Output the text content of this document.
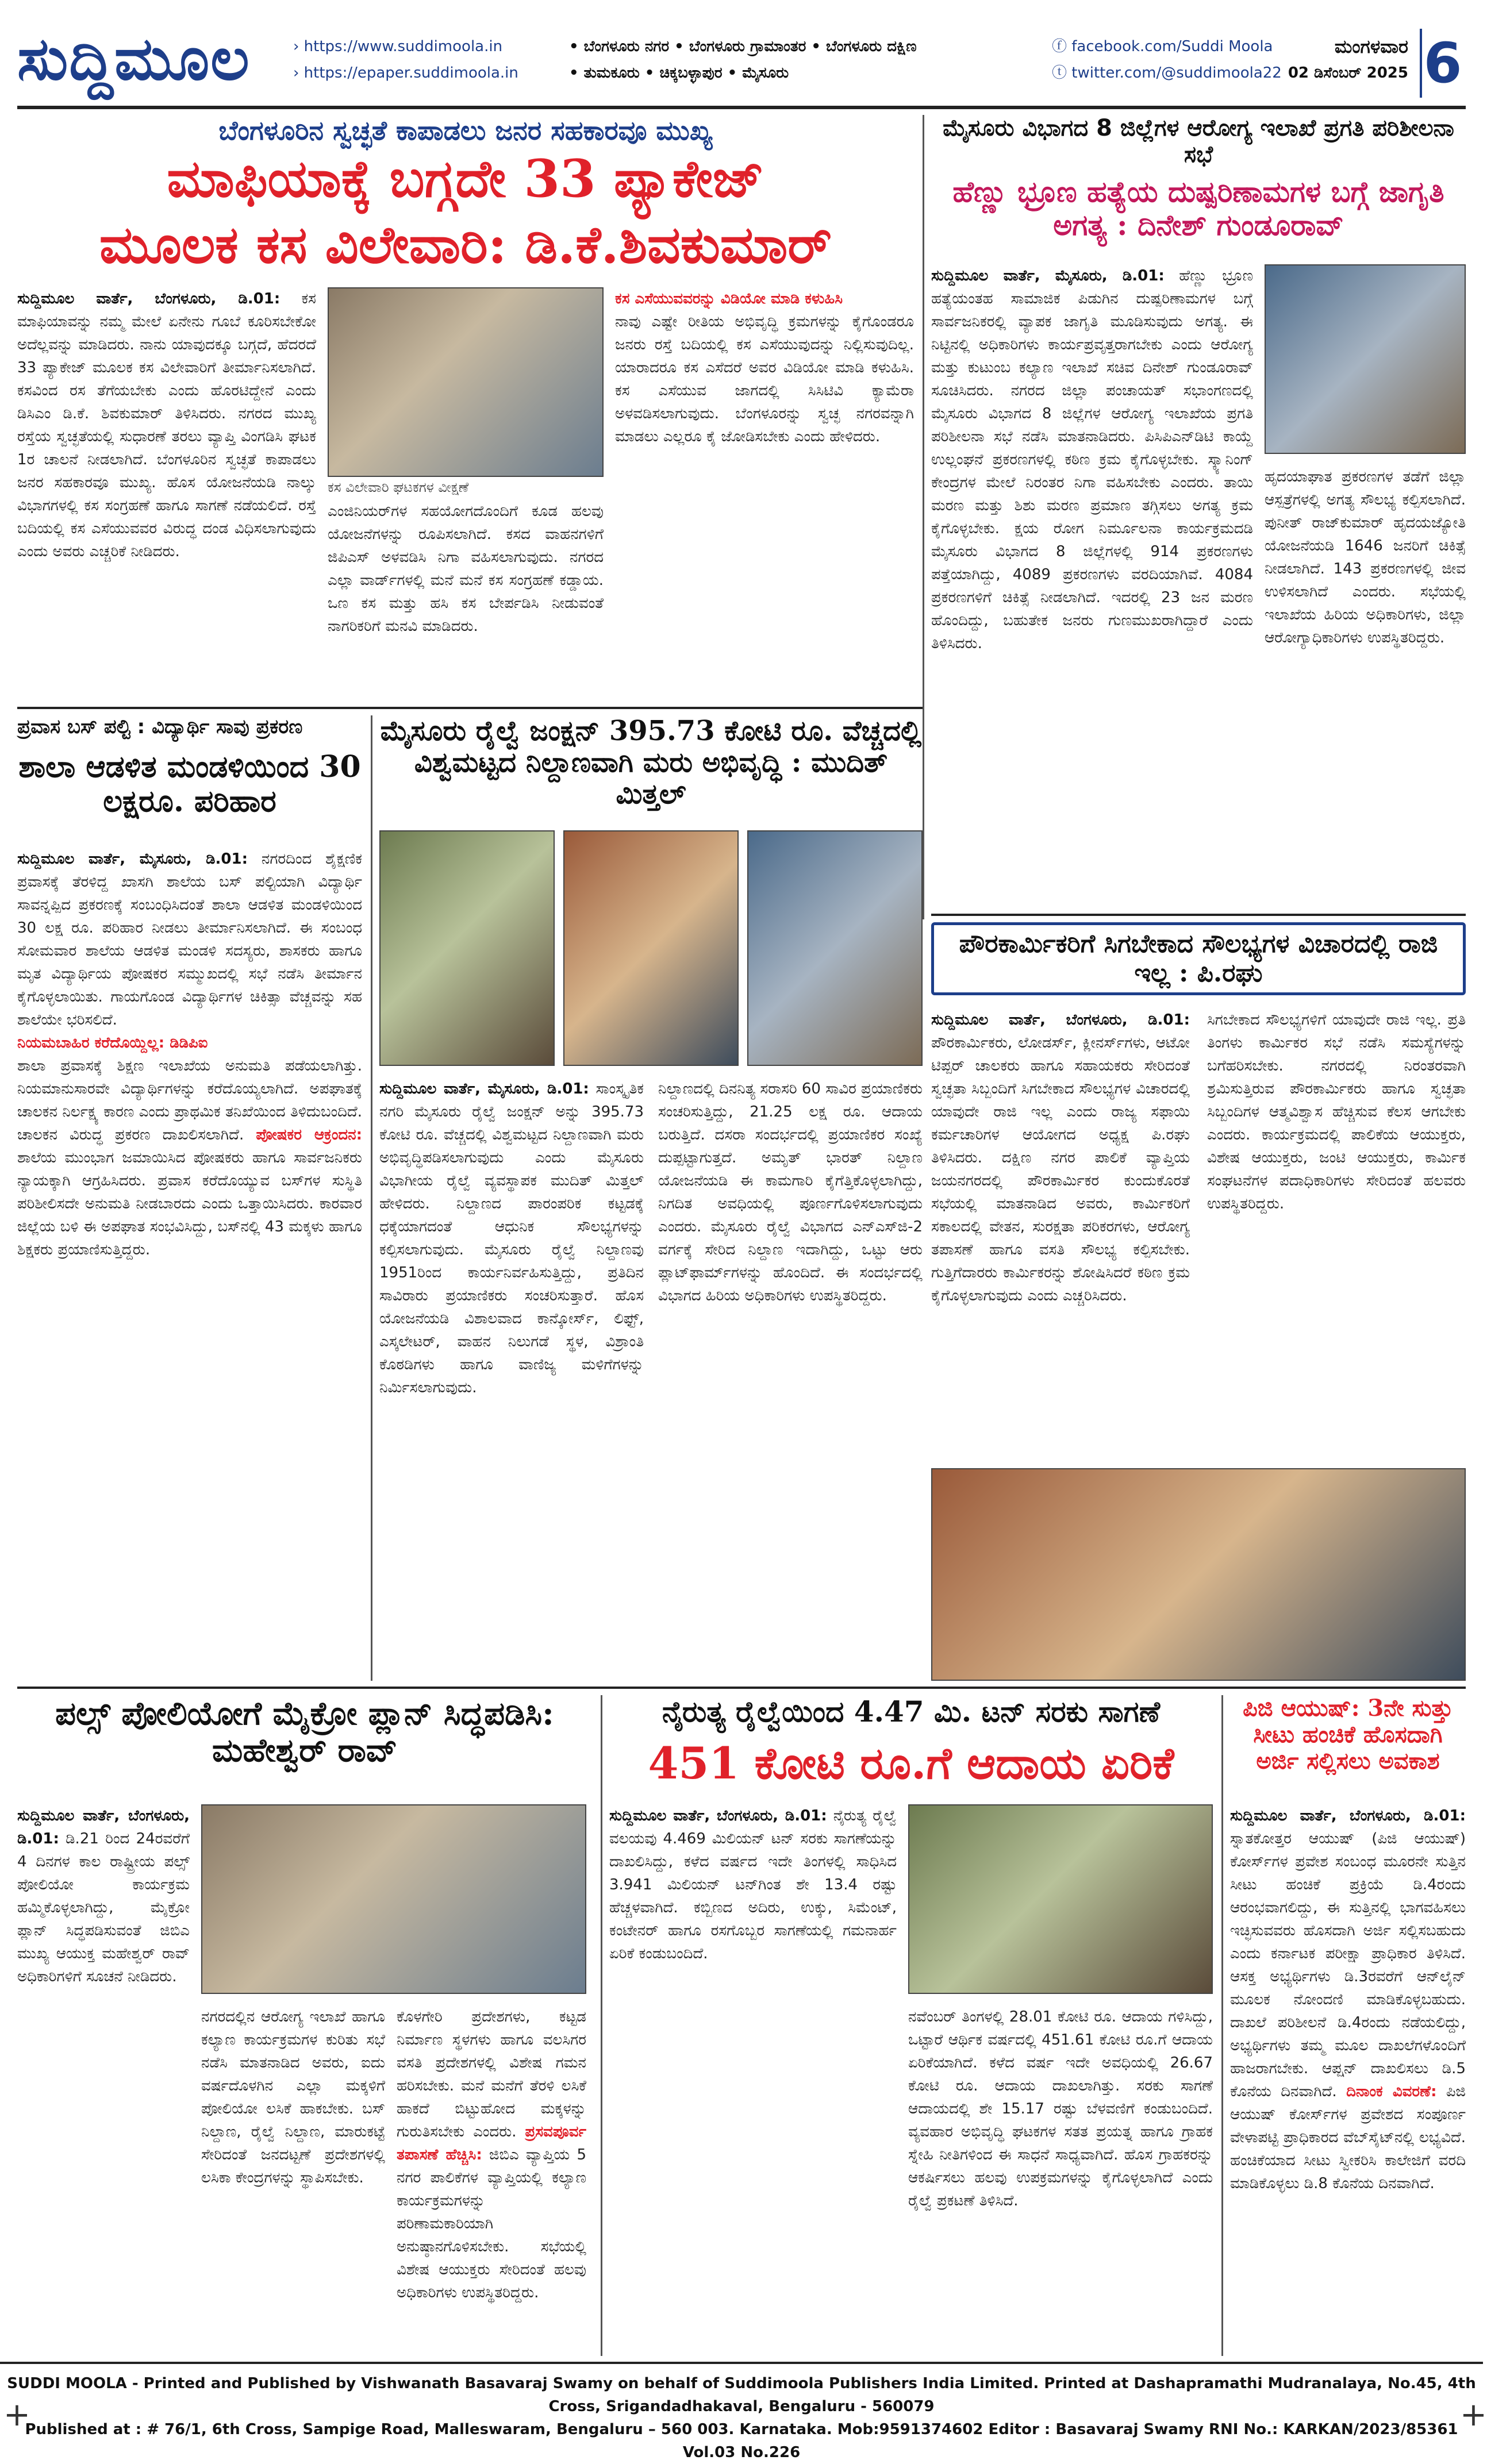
ಸುದ್ದಿಮೂಲ	› https://www.suddimoola.in
› https://epaper.suddimoola.in
• ಬೆಂಗಳೂರು ನಗರ • ಬೆಂಗಳೂರು ಗ್ರಾಮಾಂತರ • ಬೆಂಗಳೂರು ದಕ್ಷಿಣ
• ತುಮಕೂರು • ಚಿಕ್ಕಬಳ್ಳಾಪುರ • ಮೈಸೂರು
ⓕ facebook.com/Suddi Moola
ⓣ twitter.com/@suddimoola22
ಮಂಗಳವಾರ
02 ಡಿಸೆಂಬರ್ 2025 6
ಬೆಂಗಳೂರಿನ ಸ್ವಚ್ಛತೆ ಕಾಪಾಡಲು ಜನರ ಸಹಕಾರವೂ ಮುಖ್ಯ
ಮಾಫಿಯಾಕ್ಕೆ ಬಗ್ಗದೇ 33 ಪ್ಯಾಕೇಜ್
ಮೂಲಕ ಕಸ ವಿಲೇವಾರಿ: ಡಿ.ಕೆ.ಶಿವಕುಮಾರ್
ಸುದ್ದಿಮೂಲ ವಾರ್ತೆ, ಬೆಂಗಳೂರು, ಡಿ.01: ಕಸ ಮಾಫಿಯಾವನ್ನು ನಮ್ಮ ಮೇಲೆ ಏನೇನು ಗೂಬೆ ಕೂರಿಸಬೇಕೋ ಅದೆಲ್ಲವನ್ನು ಮಾಡಿದರು. ನಾನು ಯಾವುದಕ್ಕೂ ಬಗ್ಗದೆ, ಹೆದರದೆ 33 ಪ್ಯಾಕೇಜ್ ಮೂಲಕ ಕಸ ವಿಲೇವಾರಿಗೆ ತೀರ್ಮಾನಿಸಲಾಗಿದೆ. ಕಸವಿಂದ ರಸ ತೆಗೆಯಬೇಕು ಎಂದು ಹೊರಟಿದ್ದೇನೆ ಎಂದು ಡಿಸಿಎಂ ಡಿ.ಕೆ. ಶಿವಕುಮಾರ್ ತಿಳಿಸಿದರು. ನಗರದ ಮುಖ್ಯ ರಸ್ತೆಯ ಸ್ವಚ್ಛತೆಯಲ್ಲಿ ಸುಧಾರಣೆ ತರಲು ವ್ಯಾಪ್ತಿ ವಿಂಗಡಿಸಿ ಘಟಕ 1ರ ಚಾಲನೆ ನೀಡಲಾಗಿದೆ. ಬೆಂಗಳೂರಿನ ಸ್ವಚ್ಛತೆ ಕಾಪಾಡಲು ಜನರ ಸಹಕಾರವೂ ಮುಖ್ಯ. ಹೊಸ ಯೋಜನೆಯಡಿ ನಾಲ್ಕು ವಿಭಾಗಗಳಲ್ಲಿ ಕಸ ಸಂಗ್ರಹಣೆ ಹಾಗೂ ಸಾಗಣೆ ನಡೆಯಲಿದೆ. ರಸ್ತೆ ಬದಿಯಲ್ಲಿ ಕಸ ಎಸೆಯುವವರ ವಿರುದ್ಧ ದಂಡ ವಿಧಿಸಲಾಗುವುದು ಎಂದು ಅವರು ಎಚ್ಚರಿಕೆ ನೀಡಿದರು.
ಕಸ ವಿಲೇವಾರಿ ಘಟಕಗಳ ವೀಕ್ಷಣೆ
ಎಂಜಿನಿಯರ್‌ಗಳ ಸಹಯೋಗದೊಂದಿಗೆ ಕೂಡ ಹಲವು ಯೋಜನೆಗಳನ್ನು ರೂಪಿಸಲಾಗಿದೆ. ಕಸದ ವಾಹನಗಳಿಗೆ ಜಿಪಿಎಸ್ ಅಳವಡಿಸಿ ನಿಗಾ ವಹಿಸಲಾಗುವುದು. ನಗರದ ಎಲ್ಲಾ ವಾರ್ಡ್‌ಗಳಲ್ಲಿ ಮನೆ ಮನೆ ಕಸ ಸಂಗ್ರಹಣೆ ಕಡ್ಡಾಯ. ಒಣ ಕಸ ಮತ್ತು ಹಸಿ ಕಸ ಬೇರ್ಪಡಿಸಿ ನೀಡುವಂತೆ ನಾಗರಿಕರಿಗೆ ಮನವಿ ಮಾಡಿದರು.
ಕಸ ಎಸೆಯುವವರನ್ನು ವಿಡಿಯೋ ಮಾಡಿ ಕಳುಹಿಸಿ
ನಾವು ಎಷ್ಟೇ ರೀತಿಯ ಅಭಿವೃದ್ಧಿ ಕ್ರಮಗಳನ್ನು ಕೈಗೊಂಡರೂ ಜನರು ರಸ್ತೆ ಬದಿಯಲ್ಲಿ ಕಸ ಎಸೆಯುವುದನ್ನು ನಿಲ್ಲಿಸುವುದಿಲ್ಲ. ಯಾರಾದರೂ ಕಸ ಎಸೆದರೆ ಅವರ ವಿಡಿಯೋ ಮಾಡಿ ಕಳುಹಿಸಿ. ಕಸ ಎಸೆಯುವ ಜಾಗದಲ್ಲಿ ಸಿಸಿಟಿವಿ ಕ್ಯಾಮೆರಾ ಅಳವಡಿಸಲಾಗುವುದು. ಬೆಂಗಳೂರನ್ನು ಸ್ವಚ್ಛ ನಗರವನ್ನಾಗಿ ಮಾಡಲು ಎಲ್ಲರೂ ಕೈ ಜೋಡಿಸಬೇಕು ಎಂದು ಹೇಳಿದರು.
ಮೈಸೂರು ವಿಭಾಗದ 8 ಜಿಲ್ಲೆಗಳ ಆರೋಗ್ಯ ಇಲಾಖೆ ಪ್ರಗತಿ ಪರಿಶೀಲನಾ ಸಭೆ
ಹೆಣ್ಣು ಭ್ರೂಣ ಹತ್ಯೆಯ ದುಷ್ಪರಿಣಾಮಗಳ ಬಗ್ಗೆ ಜಾಗೃತಿ ಅಗತ್ಯ : ದಿನೇಶ್ ಗುಂಡೂರಾವ್
ಸುದ್ದಿಮೂಲ ವಾರ್ತೆ, ಮೈಸೂರು, ಡಿ.01: ಹೆಣ್ಣು ಭ್ರೂಣ ಹತ್ಯೆಯಂತಹ ಸಾಮಾಜಿಕ ಪಿಡುಗಿನ ದುಷ್ಪರಿಣಾಮಗಳ ಬಗ್ಗೆ ಸಾರ್ವಜನಿಕರಲ್ಲಿ ವ್ಯಾಪಕ ಜಾಗೃತಿ ಮೂಡಿಸುವುದು ಅಗತ್ಯ. ಈ ನಿಟ್ಟಿನಲ್ಲಿ ಅಧಿಕಾರಿಗಳು ಕಾರ್ಯಪ್ರವೃತ್ತರಾಗಬೇಕು ಎಂದು ಆರೋಗ್ಯ ಮತ್ತು ಕುಟುಂಬ ಕಲ್ಯಾಣ ಇಲಾಖೆ ಸಚಿವ ದಿನೇಶ್ ಗುಂಡೂರಾವ್ ಸೂಚಿಸಿದರು. ನಗರದ ಜಿಲ್ಲಾ ಪಂಚಾಯತ್ ಸಭಾಂಗಣದಲ್ಲಿ ಮೈಸೂರು ವಿಭಾಗದ 8 ಜಿಲ್ಲೆಗಳ ಆರೋಗ್ಯ ಇಲಾಖೆಯ ಪ್ರಗತಿ ಪರಿಶೀಲನಾ ಸಭೆ ನಡೆಸಿ ಮಾತನಾಡಿದರು. ಪಿಸಿಪಿಎನ್‌ಡಿಟಿ ಕಾಯ್ದೆ ಉಲ್ಲಂಘನೆ ಪ್ರಕರಣಗಳಲ್ಲಿ ಕಠಿಣ ಕ್ರಮ ಕೈಗೊಳ್ಳಬೇಕು. ಸ್ಕ್ಯಾನಿಂಗ್ ಕೇಂದ್ರಗಳ ಮೇಲೆ ನಿರಂತರ ನಿಗಾ ವಹಿಸಬೇಕು ಎಂದರು. ತಾಯಿ ಮರಣ ಮತ್ತು ಶಿಶು ಮರಣ ಪ್ರಮಾಣ ತಗ್ಗಿಸಲು ಅಗತ್ಯ ಕ್ರಮ ಕೈಗೊಳ್ಳಬೇಕು. ಕ್ಷಯ ರೋಗ ನಿರ್ಮೂಲನಾ ಕಾರ್ಯಕ್ರಮದಡಿ ಮೈಸೂರು ವಿಭಾಗದ 8 ಜಿಲ್ಲೆಗಳಲ್ಲಿ 914 ಪ್ರಕರಣಗಳು ಪತ್ತೆಯಾಗಿದ್ದು, 4089 ಪ್ರಕರಣಗಳು ವರದಿಯಾಗಿವೆ. 4084 ಪ್ರಕರಣಗಳಿಗೆ ಚಿಕಿತ್ಸೆ ನೀಡಲಾಗಿದೆ. ಇದರಲ್ಲಿ 23 ಜನ ಮರಣ ಹೊಂದಿದ್ದು, ಬಹುತೇಕ ಜನರು ಗುಣಮುಖರಾಗಿದ್ದಾರೆ ಎಂದು ತಿಳಿಸಿದರು.
ಹೃದಯಾಘಾತ ಪ್ರಕರಣಗಳ ತಡೆಗೆ ಜಿಲ್ಲಾ ಆಸ್ಪತ್ರೆಗಳಲ್ಲಿ ಅಗತ್ಯ ಸೌಲಭ್ಯ ಕಲ್ಪಿಸಲಾಗಿದೆ. ಪುನೀತ್ ರಾಜ್‌ಕುಮಾರ್ ಹೃದಯಜ್ಯೋತಿ ಯೋಜನೆಯಡಿ 1646 ಜನರಿಗೆ ಚಿಕಿತ್ಸೆ ನೀಡಲಾಗಿದೆ. 143 ಪ್ರಕರಣಗಳಲ್ಲಿ ಜೀವ ಉಳಿಸಲಾಗಿದೆ ಎಂದರು. ಸಭೆಯಲ್ಲಿ ಇಲಾಖೆಯ ಹಿರಿಯ ಅಧಿಕಾರಿಗಳು, ಜಿಲ್ಲಾ ಆರೋಗ್ಯಾಧಿಕಾರಿಗಳು ಉಪಸ್ಥಿತರಿದ್ದರು.
ಪ್ರವಾಸ ಬಸ್ ಪಲ್ಟಿ : ವಿದ್ಯಾರ್ಥಿ ಸಾವು ಪ್ರಕರಣ
ಶಾಲಾ ಆಡಳಿತ ಮಂಡಳಿಯಿಂದ 30 ಲಕ್ಷರೂ. ಪರಿಹಾರ
ಸುದ್ದಿಮೂಲ ವಾರ್ತೆ, ಮೈಸೂರು, ಡಿ.01: ನಗರದಿಂದ ಶೈಕ್ಷಣಿಕ ಪ್ರವಾಸಕ್ಕೆ ತೆರಳಿದ್ದ ಖಾಸಗಿ ಶಾಲೆಯ ಬಸ್ ಪಲ್ಟಿಯಾಗಿ ವಿದ್ಯಾರ್ಥಿ ಸಾವನ್ನಪ್ಪಿದ ಪ್ರಕರಣಕ್ಕೆ ಸಂಬಂಧಿಸಿದಂತೆ ಶಾಲಾ ಆಡಳಿತ ಮಂಡಳಿಯಿಂದ 30 ಲಕ್ಷ ರೂ. ಪರಿಹಾರ ನೀಡಲು ತೀರ್ಮಾನಿಸಲಾಗಿದೆ. ಈ ಸಂಬಂಧ ಸೋಮವಾರ ಶಾಲೆಯ ಆಡಳಿತ ಮಂಡಳಿ ಸದಸ್ಯರು, ಶಾಸಕರು ಹಾಗೂ ಮೃತ ವಿದ್ಯಾರ್ಥಿಯ ಪೋಷಕರ ಸಮ್ಮುಖದಲ್ಲಿ ಸಭೆ ನಡೆಸಿ ತೀರ್ಮಾನ ಕೈಗೊಳ್ಳಲಾಯಿತು. ಗಾಯಗೊಂಡ ವಿದ್ಯಾರ್ಥಿಗಳ ಚಿಕಿತ್ಸಾ ವೆಚ್ಚವನ್ನು ಸಹ ಶಾಲೆಯೇ ಭರಿಸಲಿದೆ.
ನಿಯಮಬಾಹಿರ ಕರೆದೊಯ್ದಿಲ್ಲ: ಡಿಡಿಪಿಐ
ಶಾಲಾ ಪ್ರವಾಸಕ್ಕೆ ಶಿಕ್ಷಣ ಇಲಾಖೆಯ ಅನುಮತಿ ಪಡೆಯಲಾಗಿತ್ತು. ನಿಯಮಾನುಸಾರವೇ ವಿದ್ಯಾರ್ಥಿಗಳನ್ನು ಕರೆದೊಯ್ಯಲಾಗಿದೆ. ಅಪಘಾತಕ್ಕೆ ಚಾಲಕನ ನಿರ್ಲಕ್ಷ್ಯ ಕಾರಣ ಎಂದು ಪ್ರಾಥಮಿಕ ತನಿಖೆಯಿಂದ ತಿಳಿದುಬಂದಿದೆ. ಚಾಲಕನ ವಿರುದ್ಧ ಪ್ರಕರಣ ದಾಖಲಿಸಲಾಗಿದೆ. ಪೋಷಕರ ಆಕ್ರಂದನ: ಶಾಲೆಯ ಮುಂಭಾಗ ಜಮಾಯಿಸಿದ ಪೋಷಕರು ಹಾಗೂ ಸಾರ್ವಜನಿಕರು ನ್ಯಾಯಕ್ಕಾಗಿ ಆಗ್ರಹಿಸಿದರು. ಪ್ರವಾಸ ಕರೆದೊಯ್ಯುವ ಬಸ್‌ಗಳ ಸುಸ್ಥಿತಿ ಪರಿಶೀಲಿಸದೇ ಅನುಮತಿ ನೀಡಬಾರದು ಎಂದು ಒತ್ತಾಯಿಸಿದರು. ಕಾರವಾರ ಜಿಲ್ಲೆಯ ಬಳಿ ಈ ಅಪಘಾತ ಸಂಭವಿಸಿದ್ದು, ಬಸ್‌ನಲ್ಲಿ 43 ಮಕ್ಕಳು ಹಾಗೂ ಶಿಕ್ಷಕರು ಪ್ರಯಾಣಿಸುತ್ತಿದ್ದರು.
ಮೈಸೂರು ರೈಲ್ವೆ ಜಂಕ್ಷನ್ 395.73 ಕೋಟಿ ರೂ. ವೆಚ್ಚದಲ್ಲಿ ವಿಶ್ವಮಟ್ಟದ ನಿಲ್ದಾಣವಾಗಿ ಮರು ಅಭಿವೃದ್ಧಿ : ಮುದಿತ್ ಮಿತ್ತಲ್
ಸುದ್ದಿಮೂಲ ವಾರ್ತೆ, ಮೈಸೂರು, ಡಿ.01: ಸಾಂಸ್ಕೃತಿಕ ನಗರಿ ಮೈಸೂರು ರೈಲ್ವೆ ಜಂಕ್ಷನ್ ಅನ್ನು 395.73 ಕೋಟಿ ರೂ. ವೆಚ್ಚದಲ್ಲಿ ವಿಶ್ವಮಟ್ಟದ ನಿಲ್ದಾಣವಾಗಿ ಮರು ಅಭಿವೃದ್ಧಿಪಡಿಸಲಾಗುವುದು ಎಂದು ಮೈಸೂರು ವಿಭಾಗೀಯ ರೈಲ್ವೆ ವ್ಯವಸ್ಥಾಪಕ ಮುದಿತ್ ಮಿತ್ತಲ್ ಹೇಳಿದರು. ನಿಲ್ದಾಣದ ಪಾರಂಪರಿಕ ಕಟ್ಟಡಕ್ಕೆ ಧಕ್ಕೆಯಾಗದಂತೆ ಆಧುನಿಕ ಸೌಲಭ್ಯಗಳನ್ನು ಕಲ್ಪಿಸಲಾಗುವುದು. ಮೈಸೂರು ರೈಲ್ವೆ ನಿಲ್ದಾಣವು 1951ರಿಂದ ಕಾರ್ಯನಿರ್ವಹಿಸುತ್ತಿದ್ದು, ಪ್ರತಿದಿನ ಸಾವಿರಾರು ಪ್ರಯಾಣಿಕರು ಸಂಚರಿಸುತ್ತಾರೆ. ಹೊಸ ಯೋಜನೆಯಡಿ ವಿಶಾಲವಾದ ಕಾನ್ಕೋರ್ಸ್, ಲಿಫ್ಟ್, ಎಸ್ಕಲೇಟರ್, ವಾಹನ ನಿಲುಗಡೆ ಸ್ಥಳ, ವಿಶ್ರಾಂತಿ ಕೊಠಡಿಗಳು ಹಾಗೂ ವಾಣಿಜ್ಯ ಮಳಿಗೆಗಳನ್ನು ನಿರ್ಮಿಸಲಾಗುವುದು.
ನಿಲ್ದಾಣದಲ್ಲಿ ದಿನನಿತ್ಯ ಸರಾಸರಿ 60 ಸಾವಿರ ಪ್ರಯಾಣಿಕರು ಸಂಚರಿಸುತ್ತಿದ್ದು, 21.25 ಲಕ್ಷ ರೂ. ಆದಾಯ ಬರುತ್ತಿದೆ. ದಸರಾ ಸಂದರ್ಭದಲ್ಲಿ ಪ್ರಯಾಣಿಕರ ಸಂಖ್ಯೆ ದುಪ್ಪಟ್ಟಾಗುತ್ತದೆ. ಅಮೃತ್ ಭಾರತ್ ನಿಲ್ದಾಣ ಯೋಜನೆಯಡಿ ಈ ಕಾಮಗಾರಿ ಕೈಗೆತ್ತಿಕೊಳ್ಳಲಾಗಿದ್ದು, ನಿಗದಿತ ಅವಧಿಯಲ್ಲಿ ಪೂರ್ಣಗೊಳಿಸಲಾಗುವುದು ಎಂದರು. ಮೈಸೂರು ರೈಲ್ವೆ ವಿಭಾಗದ ಎನ್‌ಎಸ್‌ಜಿ-2 ವರ್ಗಕ್ಕೆ ಸೇರಿದ ನಿಲ್ದಾಣ ಇದಾಗಿದ್ದು, ಒಟ್ಟು ಆರು ಪ್ಲಾಟ್‌ಫಾರ್ಮ್‌ಗಳನ್ನು ಹೊಂದಿದೆ. ಈ ಸಂದರ್ಭದಲ್ಲಿ ವಿಭಾಗದ ಹಿರಿಯ ಅಧಿಕಾರಿಗಳು ಉಪಸ್ಥಿತರಿದ್ದರು.
ಪೌರಕಾರ್ಮಿಕರಿಗೆ ಸಿಗಬೇಕಾದ ಸೌಲಭ್ಯಗಳ ವಿಚಾರದಲ್ಲಿ ರಾಜಿ ಇಲ್ಲ : ಪಿ.ರಘು
ಸುದ್ದಿಮೂಲ ವಾರ್ತೆ, ಬೆಂಗಳೂರು, ಡಿ.01: ಪೌರಕಾರ್ಮಿಕರು, ಲೋಡರ್ಸ್, ಕ್ಲೀನರ್ಸ್‌ಗಳು, ಆಟೋ ಟಿಪ್ಪರ್ ಚಾಲಕರು ಹಾಗೂ ಸಹಾಯಕರು ಸೇರಿದಂತೆ ಸ್ವಚ್ಛತಾ ಸಿಬ್ಬಂದಿಗೆ ಸಿಗಬೇಕಾದ ಸೌಲಭ್ಯಗಳ ವಿಚಾರದಲ್ಲಿ ಯಾವುದೇ ರಾಜಿ ಇಲ್ಲ ಎಂದು ರಾಜ್ಯ ಸಫಾಯಿ ಕರ್ಮಚಾರಿಗಳ ಆಯೋಗದ ಅಧ್ಯಕ್ಷ ಪಿ.ರಘು ತಿಳಿಸಿದರು. ದಕ್ಷಿಣ ನಗರ ಪಾಲಿಕೆ ವ್ಯಾಪ್ತಿಯ ಜಯನಗರದಲ್ಲಿ ಪೌರಕಾರ್ಮಿಕರ ಕುಂದುಕೊರತೆ ಸಭೆಯಲ್ಲಿ ಮಾತನಾಡಿದ ಅವರು, ಕಾರ್ಮಿಕರಿಗೆ ಸಕಾಲದಲ್ಲಿ ವೇತನ, ಸುರಕ್ಷತಾ ಪರಿಕರಗಳು, ಆರೋಗ್ಯ ತಪಾಸಣೆ ಹಾಗೂ ವಸತಿ ಸೌಲಭ್ಯ ಕಲ್ಪಿಸಬೇಕು. ಗುತ್ತಿಗೆದಾರರು ಕಾರ್ಮಿಕರನ್ನು ಶೋಷಿಸಿದರೆ ಕಠಿಣ ಕ್ರಮ ಕೈಗೊಳ್ಳಲಾಗುವುದು ಎಂದು ಎಚ್ಚರಿಸಿದರು.
ಸಿಗಬೇಕಾದ ಸೌಲಭ್ಯಗಳಿಗೆ ಯಾವುದೇ ರಾಜಿ ಇಲ್ಲ. ಪ್ರತಿ ತಿಂಗಳು ಕಾರ್ಮಿಕರ ಸಭೆ ನಡೆಸಿ ಸಮಸ್ಯೆಗಳನ್ನು ಬಗೆಹರಿಸಬೇಕು. ನಗರದಲ್ಲಿ ನಿರಂತರವಾಗಿ ಶ್ರಮಿಸುತ್ತಿರುವ ಪೌರಕಾರ್ಮಿಕರು ಹಾಗೂ ಸ್ವಚ್ಛತಾ ಸಿಬ್ಬಂದಿಗಳ ಆತ್ಮವಿಶ್ವಾಸ ಹೆಚ್ಚಿಸುವ ಕೆಲಸ ಆಗಬೇಕು ಎಂದರು. ಕಾರ್ಯಕ್ರಮದಲ್ಲಿ ಪಾಲಿಕೆಯ ಆಯುಕ್ತರು, ವಿಶೇಷ ಆಯುಕ್ತರು, ಜಂಟಿ ಆಯುಕ್ತರು, ಕಾರ್ಮಿಕ ಸಂಘಟನೆಗಳ ಪದಾಧಿಕಾರಿಗಳು ಸೇರಿದಂತೆ ಹಲವರು ಉಪಸ್ಥಿತರಿದ್ದರು.
ಪಲ್ಸ್ ಪೋಲಿಯೋಗೆ ಮೈಕ್ರೋ ಪ್ಲಾನ್ ಸಿದ್ಧಪಡಿಸಿ: ಮಹೇಶ್ವರ್ ರಾವ್
ಸುದ್ದಿಮೂಲ ವಾರ್ತೆ, ಬೆಂಗಳೂರು, ಡಿ.01: ಡಿ.21 ರಿಂದ 24ರವರೆಗೆ 4 ದಿನಗಳ ಕಾಲ ರಾಷ್ಟ್ರೀಯ ಪಲ್ಸ್ ಪೋಲಿಯೋ ಕಾರ್ಯಕ್ರಮ ಹಮ್ಮಿಕೊಳ್ಳಲಾಗಿದ್ದು, ಮೈಕ್ರೋ ಪ್ಲಾನ್ ಸಿದ್ಧಪಡಿಸುವಂತೆ ಜಿಬಿಎ ಮುಖ್ಯ ಆಯುಕ್ತ ಮಹೇಶ್ವರ್ ರಾವ್ ಅಧಿಕಾರಿಗಳಿಗೆ ಸೂಚನೆ ನೀಡಿದರು.
ನಗರದಲ್ಲಿನ ಆರೋಗ್ಯ ಇಲಾಖೆ ಹಾಗೂ ಕಲ್ಯಾಣ ಕಾರ್ಯಕ್ರಮಗಳ ಕುರಿತು ಸಭೆ ನಡೆಸಿ ಮಾತನಾಡಿದ ಅವರು, ಐದು ವರ್ಷದೊಳಗಿನ ಎಲ್ಲಾ ಮಕ್ಕಳಿಗೆ ಪೋಲಿಯೋ ಲಸಿಕೆ ಹಾಕಬೇಕು. ಬಸ್ ನಿಲ್ದಾಣ, ರೈಲ್ವೆ ನಿಲ್ದಾಣ, ಮಾರುಕಟ್ಟೆ ಸೇರಿದಂತೆ ಜನದಟ್ಟಣೆ ಪ್ರದೇಶಗಳಲ್ಲಿ ಲಸಿಕಾ ಕೇಂದ್ರಗಳನ್ನು ಸ್ಥಾಪಿಸಬೇಕು.
ಕೊಳಗೇರಿ ಪ್ರದೇಶಗಳು, ಕಟ್ಟಡ ನಿರ್ಮಾಣ ಸ್ಥಳಗಳು ಹಾಗೂ ವಲಸಿಗರ ವಸತಿ ಪ್ರದೇಶಗಳಲ್ಲಿ ವಿಶೇಷ ಗಮನ ಹರಿಸಬೇಕು. ಮನೆ ಮನೆಗೆ ತೆರಳಿ ಲಸಿಕೆ ಹಾಕದೆ ಬಿಟ್ಟುಹೋದ ಮಕ್ಕಳನ್ನು ಗುರುತಿಸಬೇಕು ಎಂದರು. ಪ್ರಸವಪೂರ್ವ ತಪಾಸಣೆ ಹೆಚ್ಚಿಸಿ: ಜಿಬಿಎ ವ್ಯಾಪ್ತಿಯ 5 ನಗರ ಪಾಲಿಕೆಗಳ ವ್ಯಾಪ್ತಿಯಲ್ಲಿ ಕಲ್ಯಾಣ ಕಾರ್ಯಕ್ರಮಗಳನ್ನು ಪರಿಣಾಮಕಾರಿಯಾಗಿ ಅನುಷ್ಠಾನಗೊಳಿಸಬೇಕು. ಸಭೆಯಲ್ಲಿ ವಿಶೇಷ ಆಯುಕ್ತರು ಸೇರಿದಂತೆ ಹಲವು ಅಧಿಕಾರಿಗಳು ಉಪಸ್ಥಿತರಿದ್ದರು.
ನೈರುತ್ಯ ರೈಲ್ವೆಯಿಂದ 4.47 ಮಿ. ಟನ್ ಸರಕು ಸಾಗಣೆ
451 ಕೋಟಿ ರೂ.ಗೆ ಆದಾಯ ಏರಿಕೆ
ಸುದ್ದಿಮೂಲ ವಾರ್ತೆ, ಬೆಂಗಳೂರು, ಡಿ.01: ನೈರುತ್ಯ ರೈಲ್ವೆ ವಲಯವು 4.469 ಮಿಲಿಯನ್ ಟನ್ ಸರಕು ಸಾಗಣೆಯನ್ನು ದಾಖಲಿಸಿದ್ದು, ಕಳೆದ ವರ್ಷದ ಇದೇ ತಿಂಗಳಲ್ಲಿ ಸಾಧಿಸಿದ 3.941 ಮಿಲಿಯನ್ ಟನ್‌ಗಿಂತ ಶೇ 13.4 ರಷ್ಟು ಹೆಚ್ಚಳವಾಗಿದೆ. ಕಬ್ಬಿಣದ ಅದಿರು, ಉಕ್ಕು, ಸಿಮೆಂಟ್, ಕಂಟೇನರ್ ಹಾಗೂ ರಸಗೊಬ್ಬರ ಸಾಗಣೆಯಲ್ಲಿ ಗಮನಾರ್ಹ ಏರಿಕೆ ಕಂಡುಬಂದಿದೆ.
ನವೆಂಬರ್ ತಿಂಗಳಲ್ಲಿ 28.01 ಕೋಟಿ ರೂ. ಆದಾಯ ಗಳಿಸಿದ್ದು, ಒಟ್ಟಾರೆ ಆರ್ಥಿಕ ವರ್ಷದಲ್ಲಿ 451.61 ಕೋಟಿ ರೂ.ಗೆ ಆದಾಯ ಏರಿಕೆಯಾಗಿದೆ. ಕಳೆದ ವರ್ಷ ಇದೇ ಅವಧಿಯಲ್ಲಿ 26.67 ಕೋಟಿ ರೂ. ಆದಾಯ ದಾಖಲಾಗಿತ್ತು. ಸರಕು ಸಾಗಣೆ ಆದಾಯದಲ್ಲಿ ಶೇ 15.17 ರಷ್ಟು ಬೆಳವಣಿಗೆ ಕಂಡುಬಂದಿದೆ. ವ್ಯವಹಾರ ಅಭಿವೃದ್ಧಿ ಘಟಕಗಳ ಸತತ ಪ್ರಯತ್ನ ಹಾಗೂ ಗ್ರಾಹಕ ಸ್ನೇಹಿ ನೀತಿಗಳಿಂದ ಈ ಸಾಧನೆ ಸಾಧ್ಯವಾಗಿದೆ. ಹೊಸ ಗ್ರಾಹಕರನ್ನು ಆಕರ್ಷಿಸಲು ಹಲವು ಉಪಕ್ರಮಗಳನ್ನು ಕೈಗೊಳ್ಳಲಾಗಿದೆ ಎಂದು ರೈಲ್ವೆ ಪ್ರಕಟಣೆ ತಿಳಿಸಿದೆ.
ಪಿಜಿ ಆಯುಷ್: 3ನೇ ಸುತ್ತು ಸೀಟು ಹಂಚಿಕೆ ಹೊಸದಾಗಿ ಅರ್ಜಿ ಸಲ್ಲಿಸಲು ಅವಕಾಶ
ಸುದ್ದಿಮೂಲ ವಾರ್ತೆ, ಬೆಂಗಳೂರು, ಡಿ.01: ಸ್ನಾತಕೋತ್ತರ ಆಯುಷ್ (ಪಿಜಿ ಆಯುಷ್) ಕೋರ್ಸ್‌ಗಳ ಪ್ರವೇಶ ಸಂಬಂಧ ಮೂರನೇ ಸುತ್ತಿನ ಸೀಟು ಹಂಚಿಕೆ ಪ್ರಕ್ರಿಯೆ ಡಿ.4ರಂದು ಆರಂಭವಾಗಲಿದ್ದು, ಈ ಸುತ್ತಿನಲ್ಲಿ ಭಾಗವಹಿಸಲು ಇಚ್ಛಿಸುವವರು ಹೊಸದಾಗಿ ಅರ್ಜಿ ಸಲ್ಲಿಸಬಹುದು ಎಂದು ಕರ್ನಾಟಕ ಪರೀಕ್ಷಾ ಪ್ರಾಧಿಕಾರ ತಿಳಿಸಿದೆ. ಆಸಕ್ತ ಅಭ್ಯರ್ಥಿಗಳು ಡಿ.3ರವರೆಗೆ ಆನ್‌ಲೈನ್ ಮೂಲಕ ನೋಂದಣಿ ಮಾಡಿಕೊಳ್ಳಬಹುದು. ದಾಖಲೆ ಪರಿಶೀಲನೆ ಡಿ.4ರಂದು ನಡೆಯಲಿದ್ದು, ಅಭ್ಯರ್ಥಿಗಳು ತಮ್ಮ ಮೂಲ ದಾಖಲೆಗಳೊಂದಿಗೆ ಹಾಜರಾಗಬೇಕು. ಆಪ್ಷನ್ ದಾಖಲಿಸಲು ಡಿ.5 ಕೊನೆಯ ದಿನವಾಗಿದೆ. ದಿನಾಂಕ ವಿವರಣೆ: ಪಿಜಿ ಆಯುಷ್ ಕೋರ್ಸ್‌ಗಳ ಪ್ರವೇಶದ ಸಂಪೂರ್ಣ ವೇಳಾಪಟ್ಟಿ ಪ್ರಾಧಿಕಾರದ ವೆಬ್‌ಸೈಟ್‌ನಲ್ಲಿ ಲಭ್ಯವಿದೆ. ಹಂಚಿಕೆಯಾದ ಸೀಟು ಸ್ವೀಕರಿಸಿ ಕಾಲೇಜಿಗೆ ವರದಿ ಮಾಡಿಕೊಳ್ಳಲು ಡಿ.8 ಕೊನೆಯ ದಿನವಾಗಿದೆ.
SUDDI MOOLA - Printed and Published by Vishwanath Basavaraj Swamy on behalf of Suddimoola Publishers India Limited. Printed at Dashapramathi Mudranalaya, No.45, 4th Cross, Srigandadhakaval, Bengaluru - 560079
Published at : # 76/1, 6th Cross, Sampige Road, Malleswaram, Bengaluru – 560 003. Karnataka. Mob:9591374602 Editor : Basavaraj Swamy RNI No.: KARKAN/2023/85361 Vol.03 No.226
+	+
